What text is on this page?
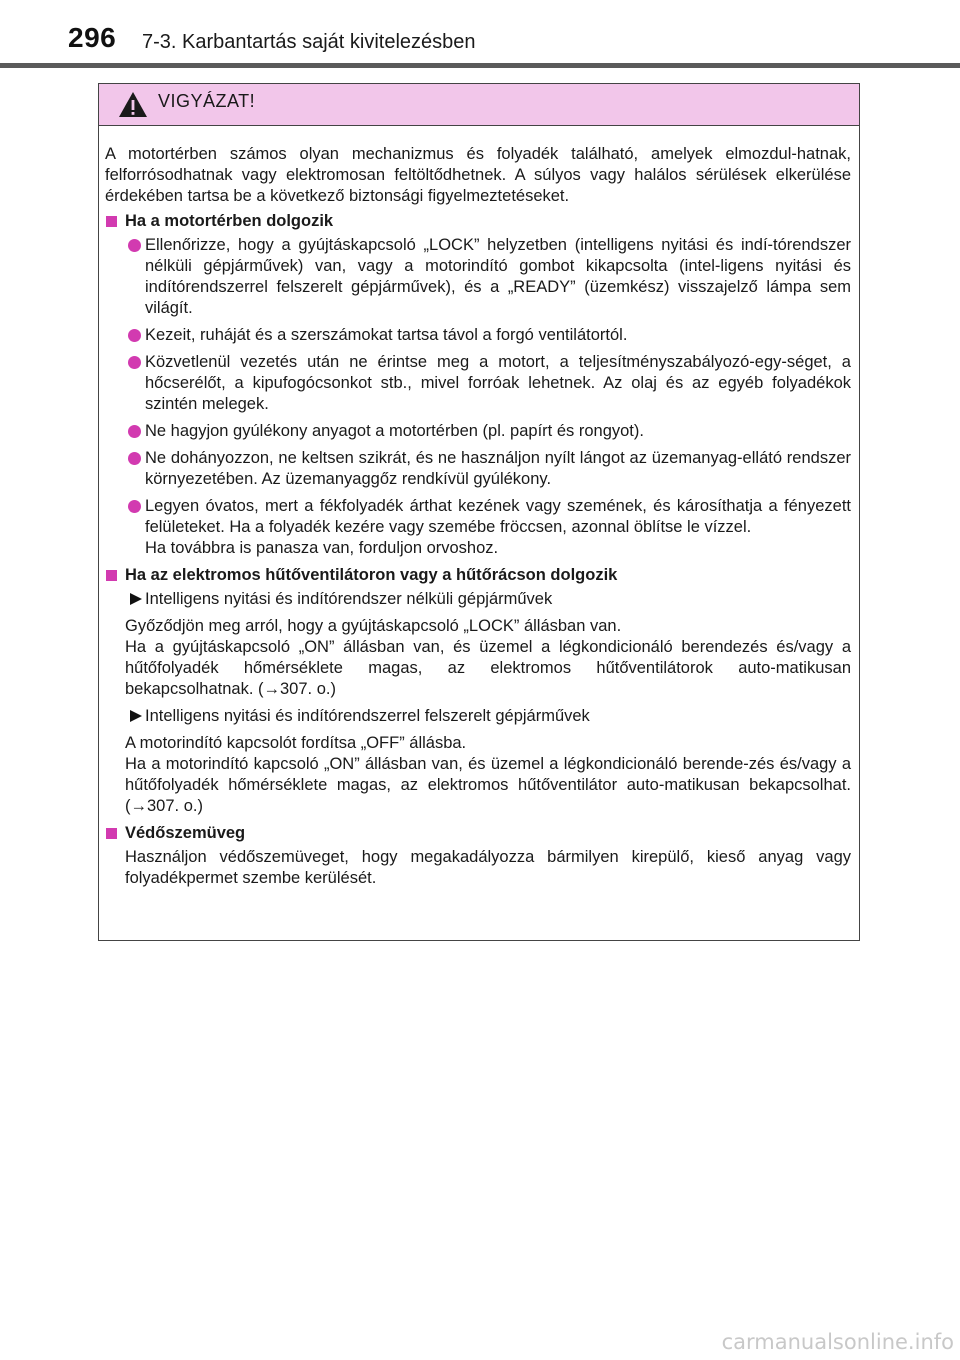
296 7-3. Karbantartás saját kivitelezésben
VIGYÁZAT!

A motortérben számos olyan mechanizmus és folyadék található, amelyek elmozdul-hatnak, felforrósodhatnak vagy elektromosan feltöltődhetnek. A súlyos vagy halálos sérülések elkerülése érdekében tartsa be a következő biztonsági figyelmeztetéseket.

Ha a motortérben dolgozik
Ellenőrizze, hogy a gyújtáskapcsoló „LOCK” helyzetben (intelligens nyitási és indí-tórendszer nélküli gépjárművek) van, vagy a motorindító gombot kikapcsolta (intel-ligens nyitási és indítórendszerrel felszerelt gépjárművek), és a „READY” (üzemkész) visszajelző lámpa sem világít.
Kezeit, ruháját és a szerszámokat tartsa távol a forgó ventilátortól.
Közvetlenül vezetés után ne érintse meg a motort, a teljesítményszabályozó-egy-séget, a hőcserélőt, a kipufogócsonkot stb., mivel forróak lehetnek. Az olaj és az egyéb folyadékok szintén melegek.
Ne hagyjon gyúlékony anyagot a motortérben (pl. papírt és rongyot).
Ne dohányozzon, ne keltsen szikrát, és ne használjon nyílt lángot az üzemanyag-ellátó rendszer környezetében. Az üzemanyaggőz rendkívül gyúlékony.
Legyen óvatos, mert a fékfolyadék árthat kezének vagy szemének, és károsíthatja a fényezett felületeket. Ha a folyadék kezére vagy szemébe fröccsen, azonnal öblítse le vízzel.
Ha továbbra is panasza van, forduljon orvoshoz.
Ha az elektromos hűtőventilátoron vagy a hűtőrácson dolgozik
Intelligens nyitási és indítórendszer nélküli gépjárművek

Győződjön meg arról, hogy a gyújtáskapcsoló „LOCK” állásban van.

Ha a gyújtáskapcsoló „ON” állásban van, és üzemel a légkondicionáló berendezés és/vagy a hűtőfolyadék hőmérséklete magas, az elektromos hűtőventilátorok auto-matikusan bekapcsolhatnak. (→307. o.)

Intelligens nyitási és indítórendszerrel felszerelt gépjárművek

A motorindító kapcsolót fordítsa „OFF” állásba.

Ha a motorindító kapcsoló „ON” állásban van, és üzemel a légkondicionáló berende-zés és/vagy a hűtőfolyadék hőmérséklete magas, az elektromos hűtőventilátor auto-matikusan bekapcsolhat. (→307. o.)

Védőszemüveg

Használjon védőszemüveget, hogy megakadályozza bármilyen kirepülő, kieső anyag vagy folyadékpermet szembe kerülését.

carmanualsonline.info
